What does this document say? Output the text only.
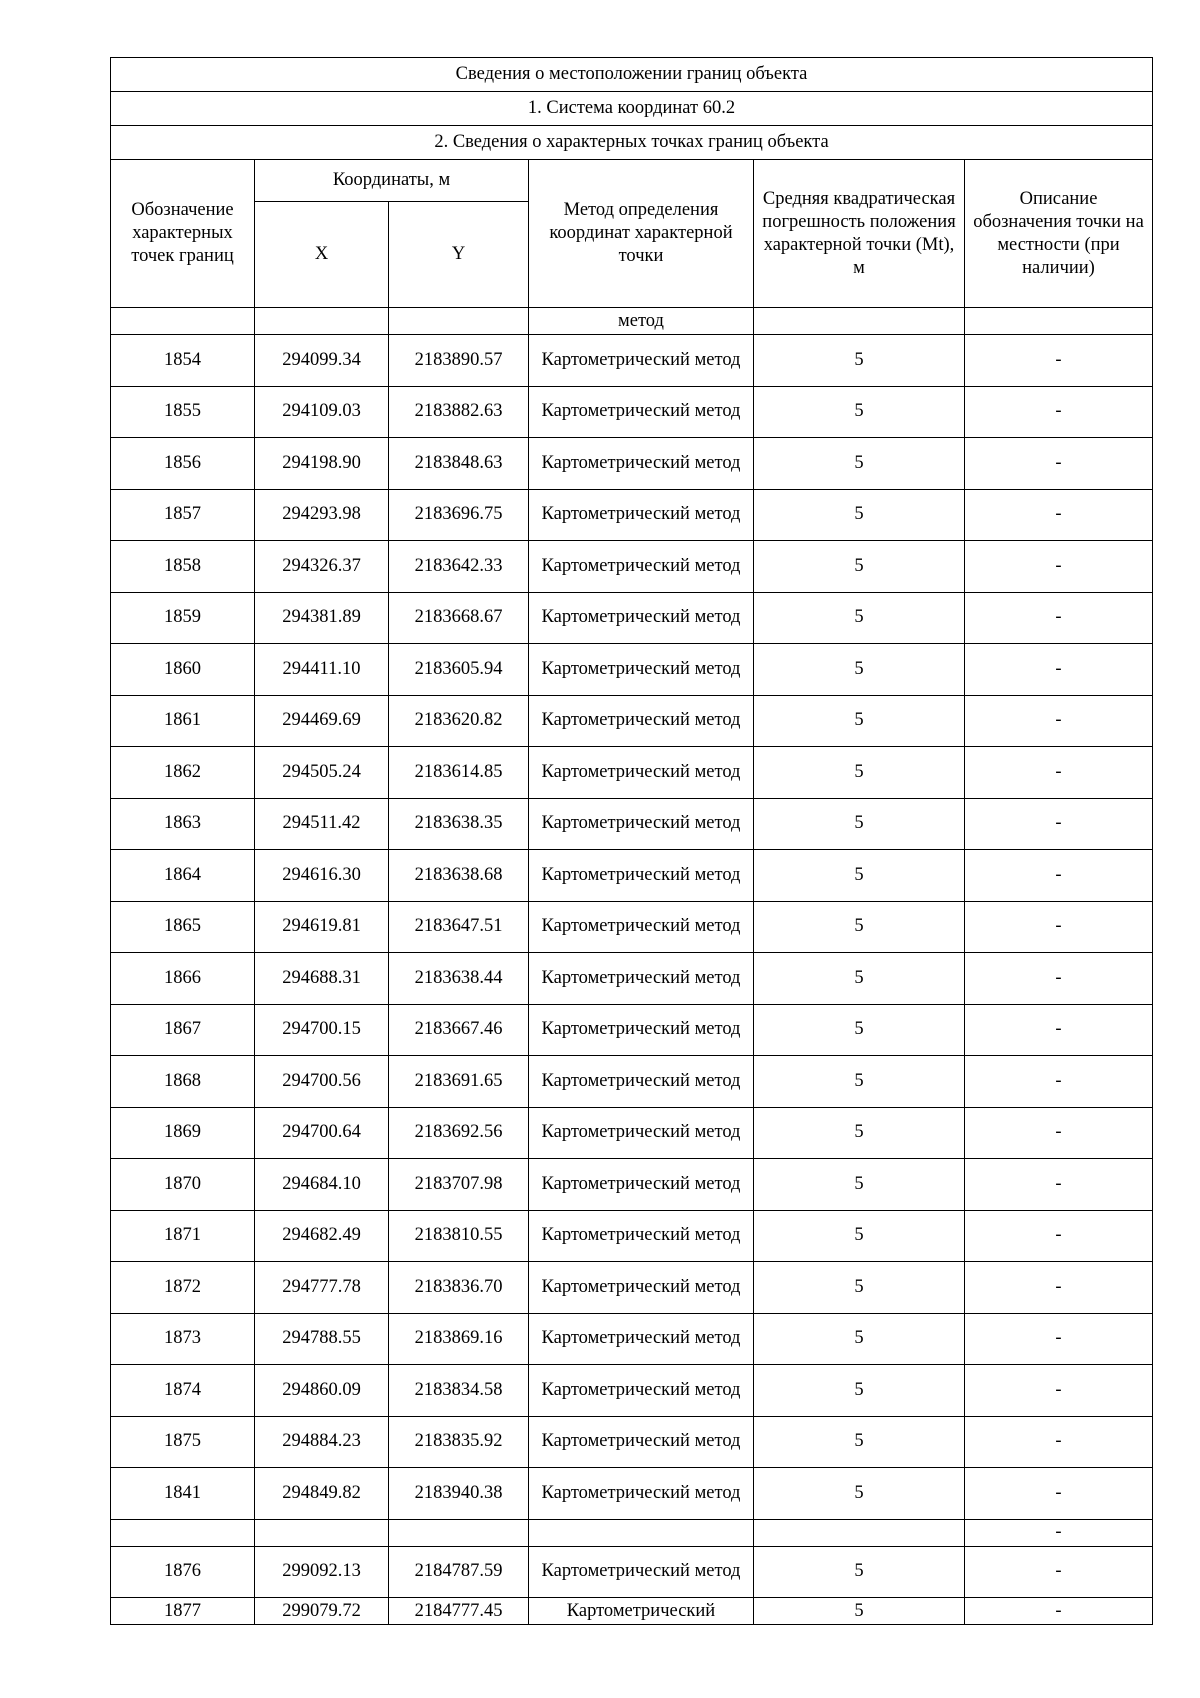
Сведения о местоположении границ объекта					
1. Система координат 60.2					
2. Сведения о характерных точках границ объекта					
Обозначение характерных точек границ	Координаты, м		Метод определения координат характерной точки	Средняя квадратическая погрешность положения характерной точки (Mt), м	Описание обозначения точки на местности (при наличии)
	X	Y			
			метод		
1854	294099.34	2183890.57	Картометрический метод	5	-
1855	294109.03	2183882.63	Картометрический метод	5	-
1856	294198.90	2183848.63	Картометрический метод	5	-
1857	294293.98	2183696.75	Картометрический метод	5	-
1858	294326.37	2183642.33	Картометрический метод	5	-
1859	294381.89	2183668.67	Картометрический метод	5	-
1860	294411.10	2183605.94	Картометрический метод	5	-
1861	294469.69	2183620.82	Картометрический метод	5	-
1862	294505.24	2183614.85	Картометрический метод	5	-
1863	294511.42	2183638.35	Картометрический метод	5	-
1864	294616.30	2183638.68	Картометрический метод	5	-
1865	294619.81	2183647.51	Картометрический метод	5	-
1866	294688.31	2183638.44	Картометрический метод	5	-
1867	294700.15	2183667.46	Картометрический метод	5	-
1868	294700.56	2183691.65	Картометрический метод	5	-
1869	294700.64	2183692.56	Картометрический метод	5	-
1870	294684.10	2183707.98	Картометрический метод	5	-
1871	294682.49	2183810.55	Картометрический метод	5	-
1872	294777.78	2183836.70	Картометрический метод	5	-
1873	294788.55	2183869.16	Картометрический метод	5	-
1874	294860.09	2183834.58	Картометрический метод	5	-
1875	294884.23	2183835.92	Картометрический метод	5	-
1841	294849.82	2183940.38	Картометрический метод	5	-
					-
1876	299092.13	2184787.59	Картометрический метод	5	-
1877	299079.72	2184777.45	Картометрический	5	-
